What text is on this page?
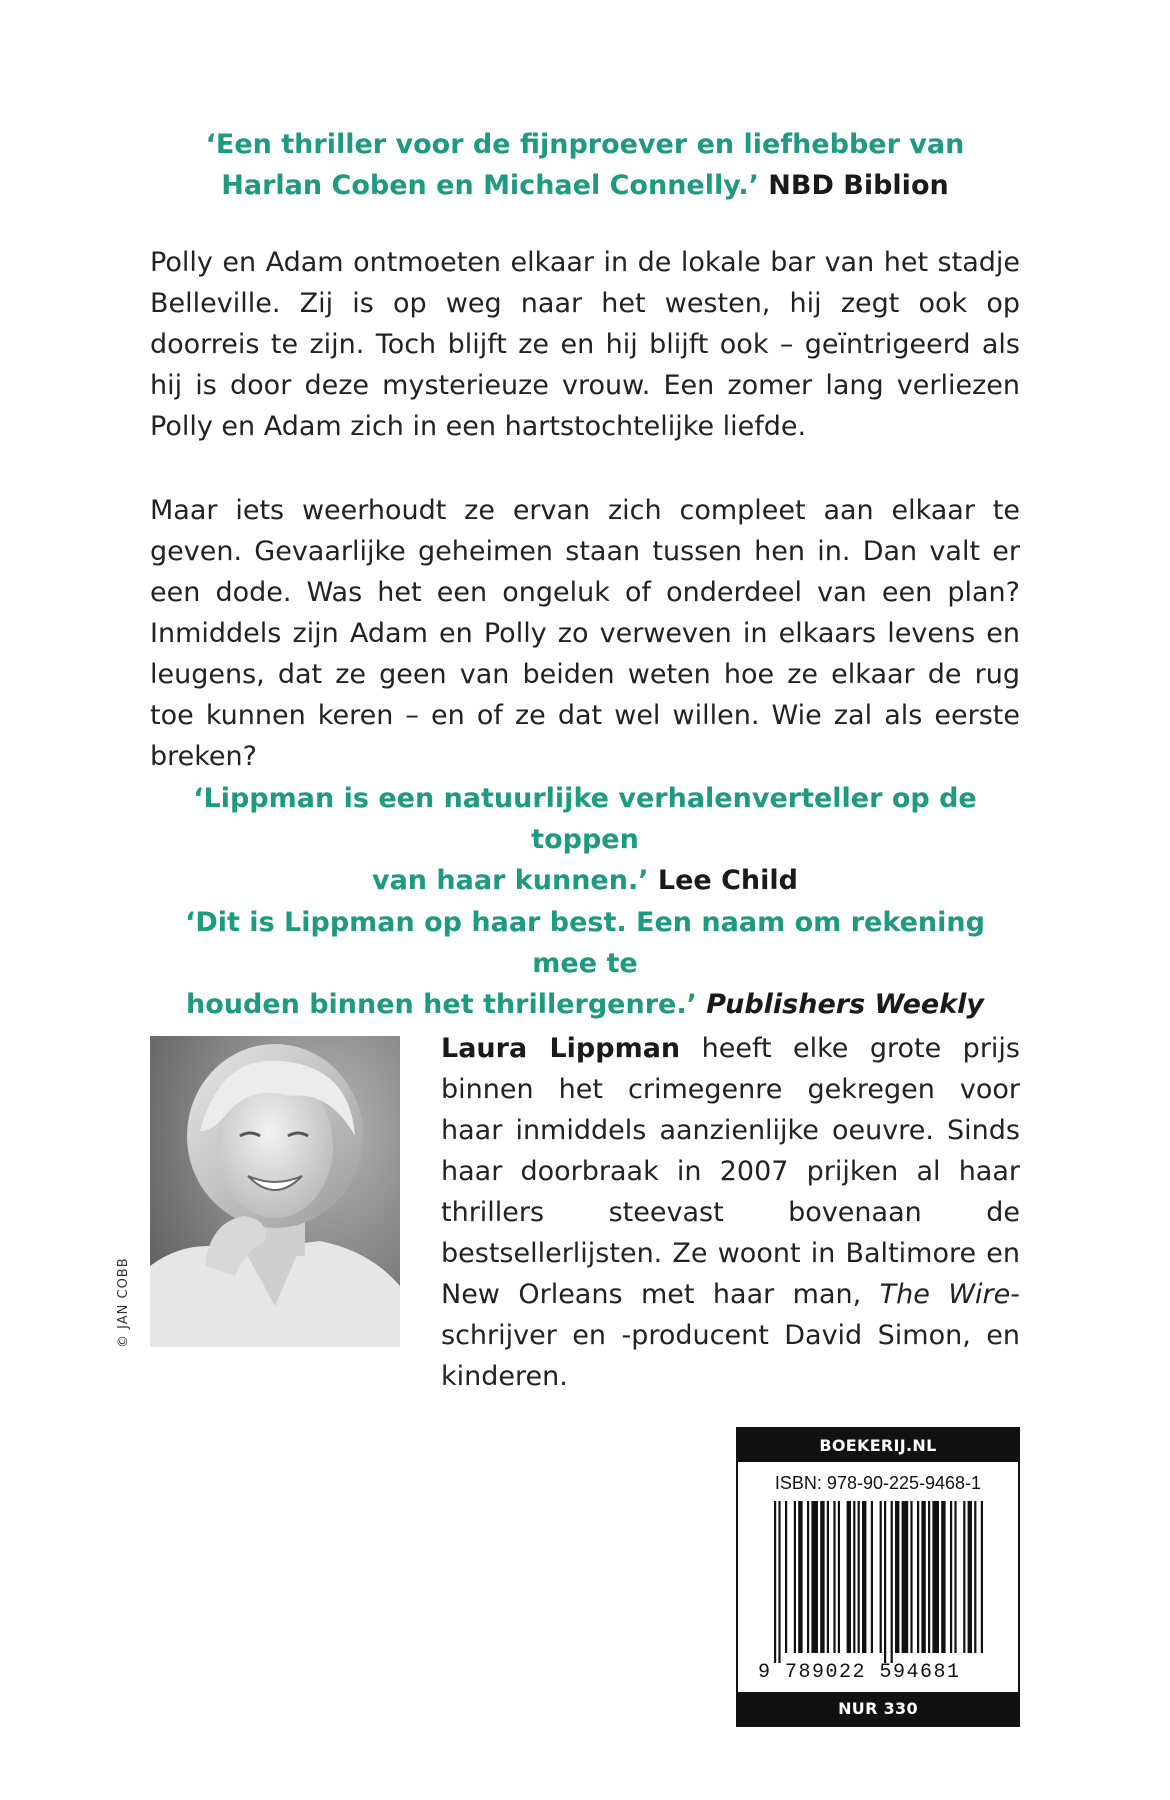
‘Een thriller voor de fijnproever en liefhebber van
Harlan Coben en Michael Connelly.’ NBD Biblion

Polly en Adam ontmoeten elkaar in de lokale bar van het stadje Belleville. Zij is op weg naar het westen, hij zegt ook op doorreis te zijn. Toch blijft ze en hij blijft ook – geïntrigeerd als hij is door deze mysterieuze vrouw. Een zomer lang verliezen Polly en Adam zich in een hartstochtelijke liefde.

Maar iets weerhoudt ze ervan zich compleet aan elkaar te geven. Gevaarlijke geheimen staan tussen hen in. Dan valt er een dode. Was het een ongeluk of onderdeel van een plan? Inmiddels zijn Adam en Polly zo verweven in elkaars levens en leugens, dat ze geen van beiden weten hoe ze elkaar de rug toe kunnen keren – en of ze dat wel willen. Wie zal als eerste breken?

‘Lippman is een natuurlijke verhalenverteller op de toppen
van haar kunnen.’ Lee Child
‘Dit is Lippman op haar best. Een naam om rekening mee te
houden binnen het thrillergenre.’ Publishers Weekly
© JAN COBB

Laura Lippman heeft elke grote prijs binnen het crimegenre gekregen voor haar inmiddels aanzienlijke oeuvre. Sinds haar doorbraak in 2007 prijken al haar thrillers steevast bovenaan de bestsellerlijsten. Ze woont in Baltimore en New Orleans met haar man, The Wire-schrijver en -producent David Simon, en kinderen.

BOEKERIJ.NL
ISBN: 978-90-225-9468-1
9 789022 594681
NUR 330
